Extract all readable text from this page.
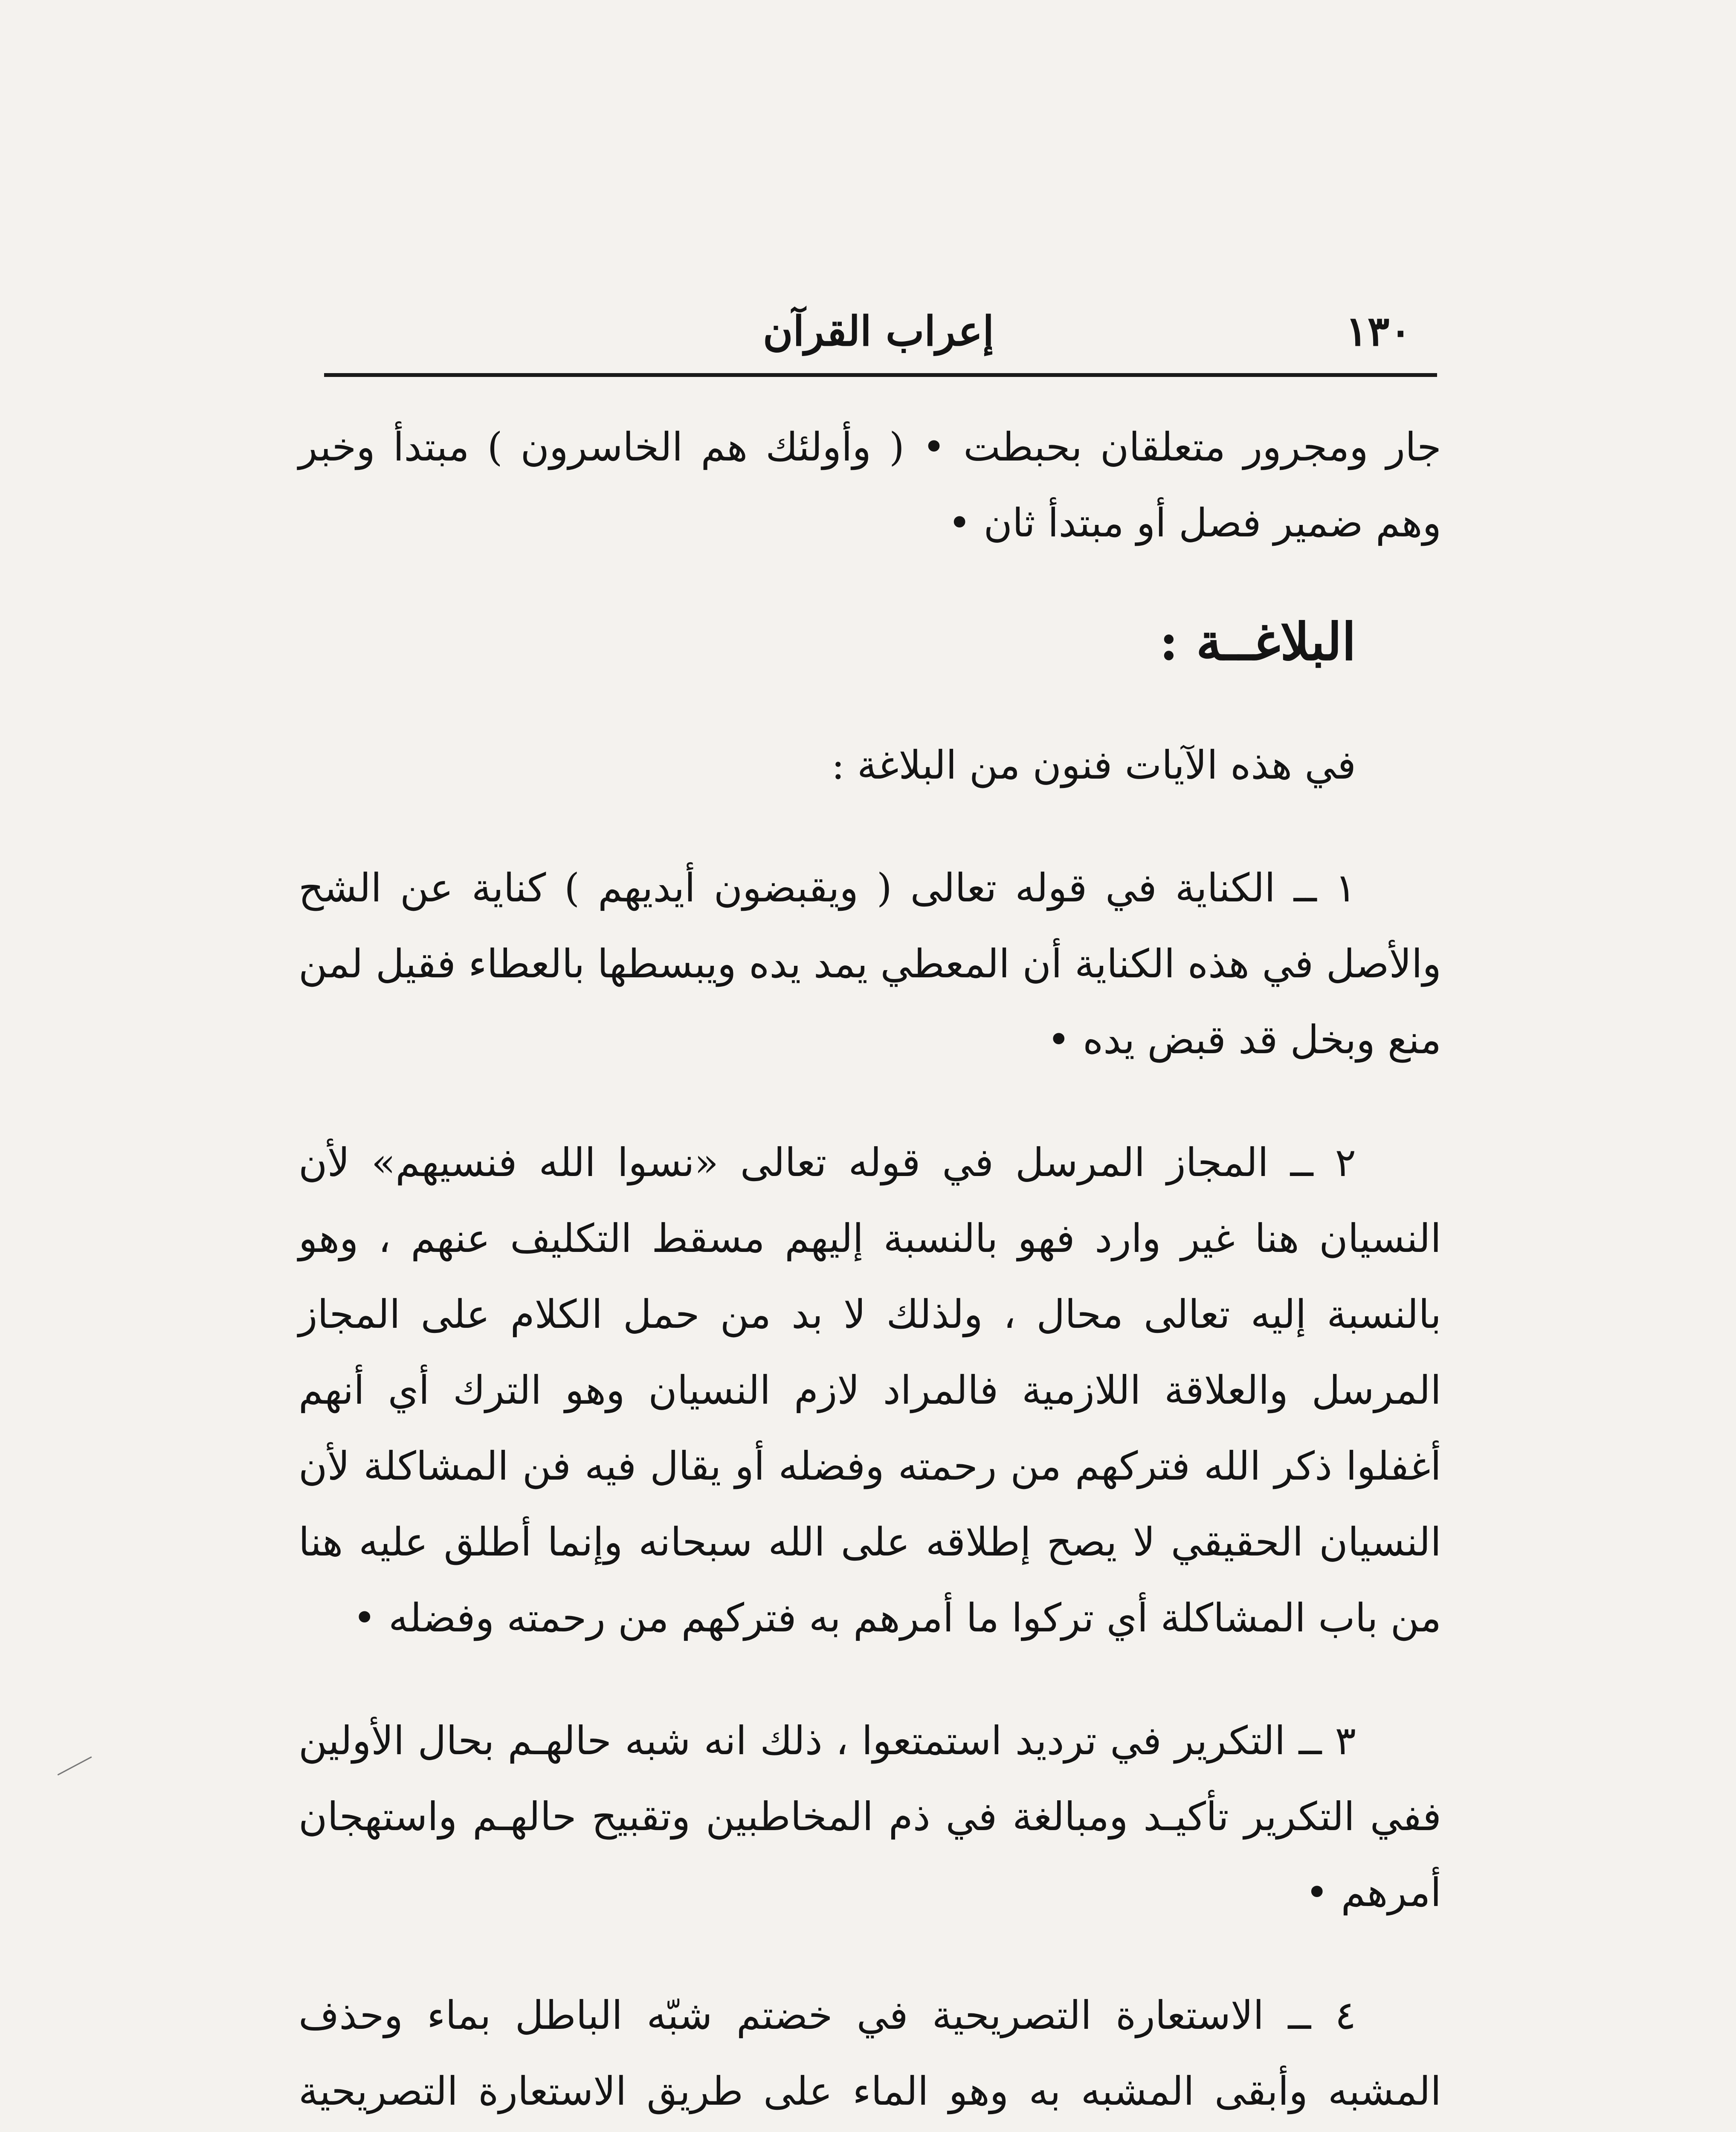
١٣٠
إعراب القرآن

جار ومجرور متعلقان بحبطت • ( وأولئك هم الخاسرون ) مبتدأ وخبر وهم ضمير فصل أو مبتدأ ثان •

البلاغــة :

في هذه الآيات فنون من البلاغة :

١ ــ الكناية في قوله تعالى ( ويقبضون أيديهم ) كناية عن الشح والأصل في هذه الكناية أن المعطي يمد يده ويبسطها بالعطاء فقيل لمن منع وبخل قد قبض يده •

٢ ــ المجاز المرسل في قوله تعالى «نسوا الله فنسيهم» لأن النسيان هنا غير وارد فهو بالنسبة إليهم مسقط التكليف عنهم ، وهو بالنسبة إليه تعالى محال ، ولذلك لا بد من حمل الكلام على المجاز المرسل والعلاقة اللازمية فالمراد لازم النسيان وهو الترك أي أنهم أغفلوا ذكر الله فتركهم من رحمته وفضله أو يقال فيه فن المشاكلة لأن النسيان الحقيقي لا يصح إطلاقه على الله سبحانه وإنما أطلق عليه هنا من باب المشاكلة أي تركوا ما أمرهم به فتركهم من رحمته وفضله •

٣ ــ التكرير في ترديد استمتعوا ، ذلك انه شبه حالهـم بحال الأولين ففي التكرير تأكيـد ومبالغة في ذم المخاطبين وتقبيح حالهـم واستهجان أمرهم •

٤ ــ الاستعارة التصريحية في خضتم شبّه الباطل بماء وحذف المشبه وأبقى المشبه به وهو الماء على طريق الاستعارة التصريحية
